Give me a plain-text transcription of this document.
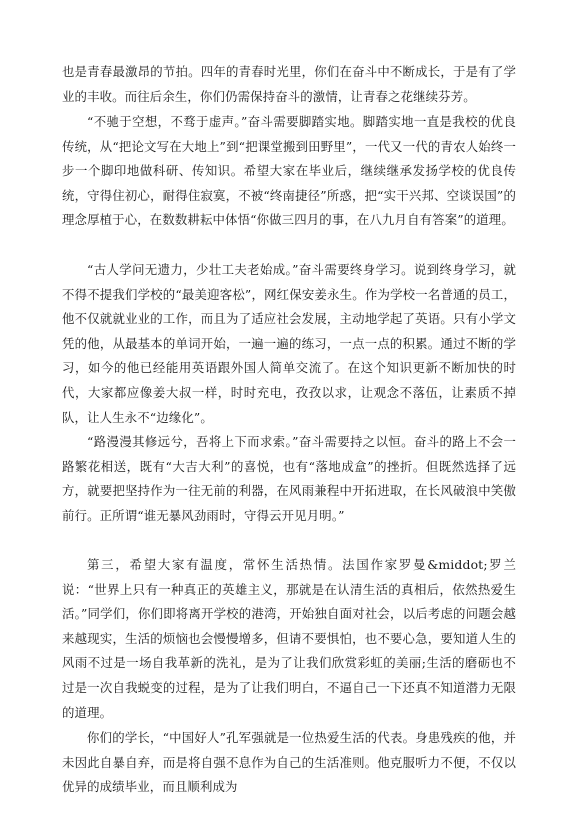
也是青春最激昂的节拍。四年的青春时光里，你们在奋斗中不断成长，于是有了学业的丰收。而往后余生，你们仍需保持奋斗的激情，让青春之花继续芬芳。

“不驰于空想，不骛于虚声。”奋斗需要脚踏实地。脚踏实地一直是我校的优良传统，从“把论文写在大地上”到“把课堂搬到田野里”，一代又一代的青农人始终一步一个脚印地做科研、传知识。希望大家在毕业后，继续继承发扬学校的优良传统，守得住初心，耐得住寂寞，不被“终南捷径”所惑，把“实干兴邦、空谈误国”的理念厚植于心，在数数耕耘中体悟“你做三四月的事，在八九月自有答案”的道理。

“古人学问无遗力，少壮工夫老始成。”奋斗需要终身学习。说到终身学习，就不得不提我们学校的“最美迎客松”，网红保安姜永生。作为学校一名普通的员工，他不仅就就业业的工作，而且为了适应社会发展，主动地学起了英语。只有小学文凭的他，从最基本的单词开始，一遍一遍的练习，一点一点的积累。通过不断的学习，如今的他已经能用英语跟外国人简单交流了。在这个知识更新不断加快的时代，大家都应像姜大叔一样，时时充电，孜孜以求，让观念不落伍，让素质不掉队，让人生永不“边缘化”。

“路漫漫其修远兮，吾将上下而求索。”奋斗需要持之以恒。奋斗的路上不会一路繁花相送，既有“大吉大利”的喜悦，也有“落地成盒”的挫折。但既然选择了远方，就要把坚持作为一往无前的利器，在风雨兼程中开拓进取，在长风破浪中笑傲前行。正所谓“谁无暴风劲雨时，守得云开见月明。”

第三，希望大家有温度，常怀生活热情。法国作家罗曼&middot;罗兰说：“世界上只有一种真正的英雄主义，那就是在认清生活的真相后，依然热爱生活。”同学们，你们即将离开学校的港湾，开始独自面对社会，以后考虑的问题会越来越现实，生活的烦恼也会慢慢增多，但请不要惧怕，也不要心急，要知道人生的风雨不过是一场自我革新的洗礼，是为了让我们欣赏彩虹的美丽;生活的磨砺也不过是一次自我蜕变的过程，是为了让我们明白，不逼自己一下还真不知道潜力无限的道理。

你们的学长，“中国好人”孔军强就是一位热爱生活的代表。身患残疾的他，并未因此自暴自弃，而是将自强不息作为自己的生活准则。他克服听力不便，不仅以优异的成绩毕业，而且顺利成为
